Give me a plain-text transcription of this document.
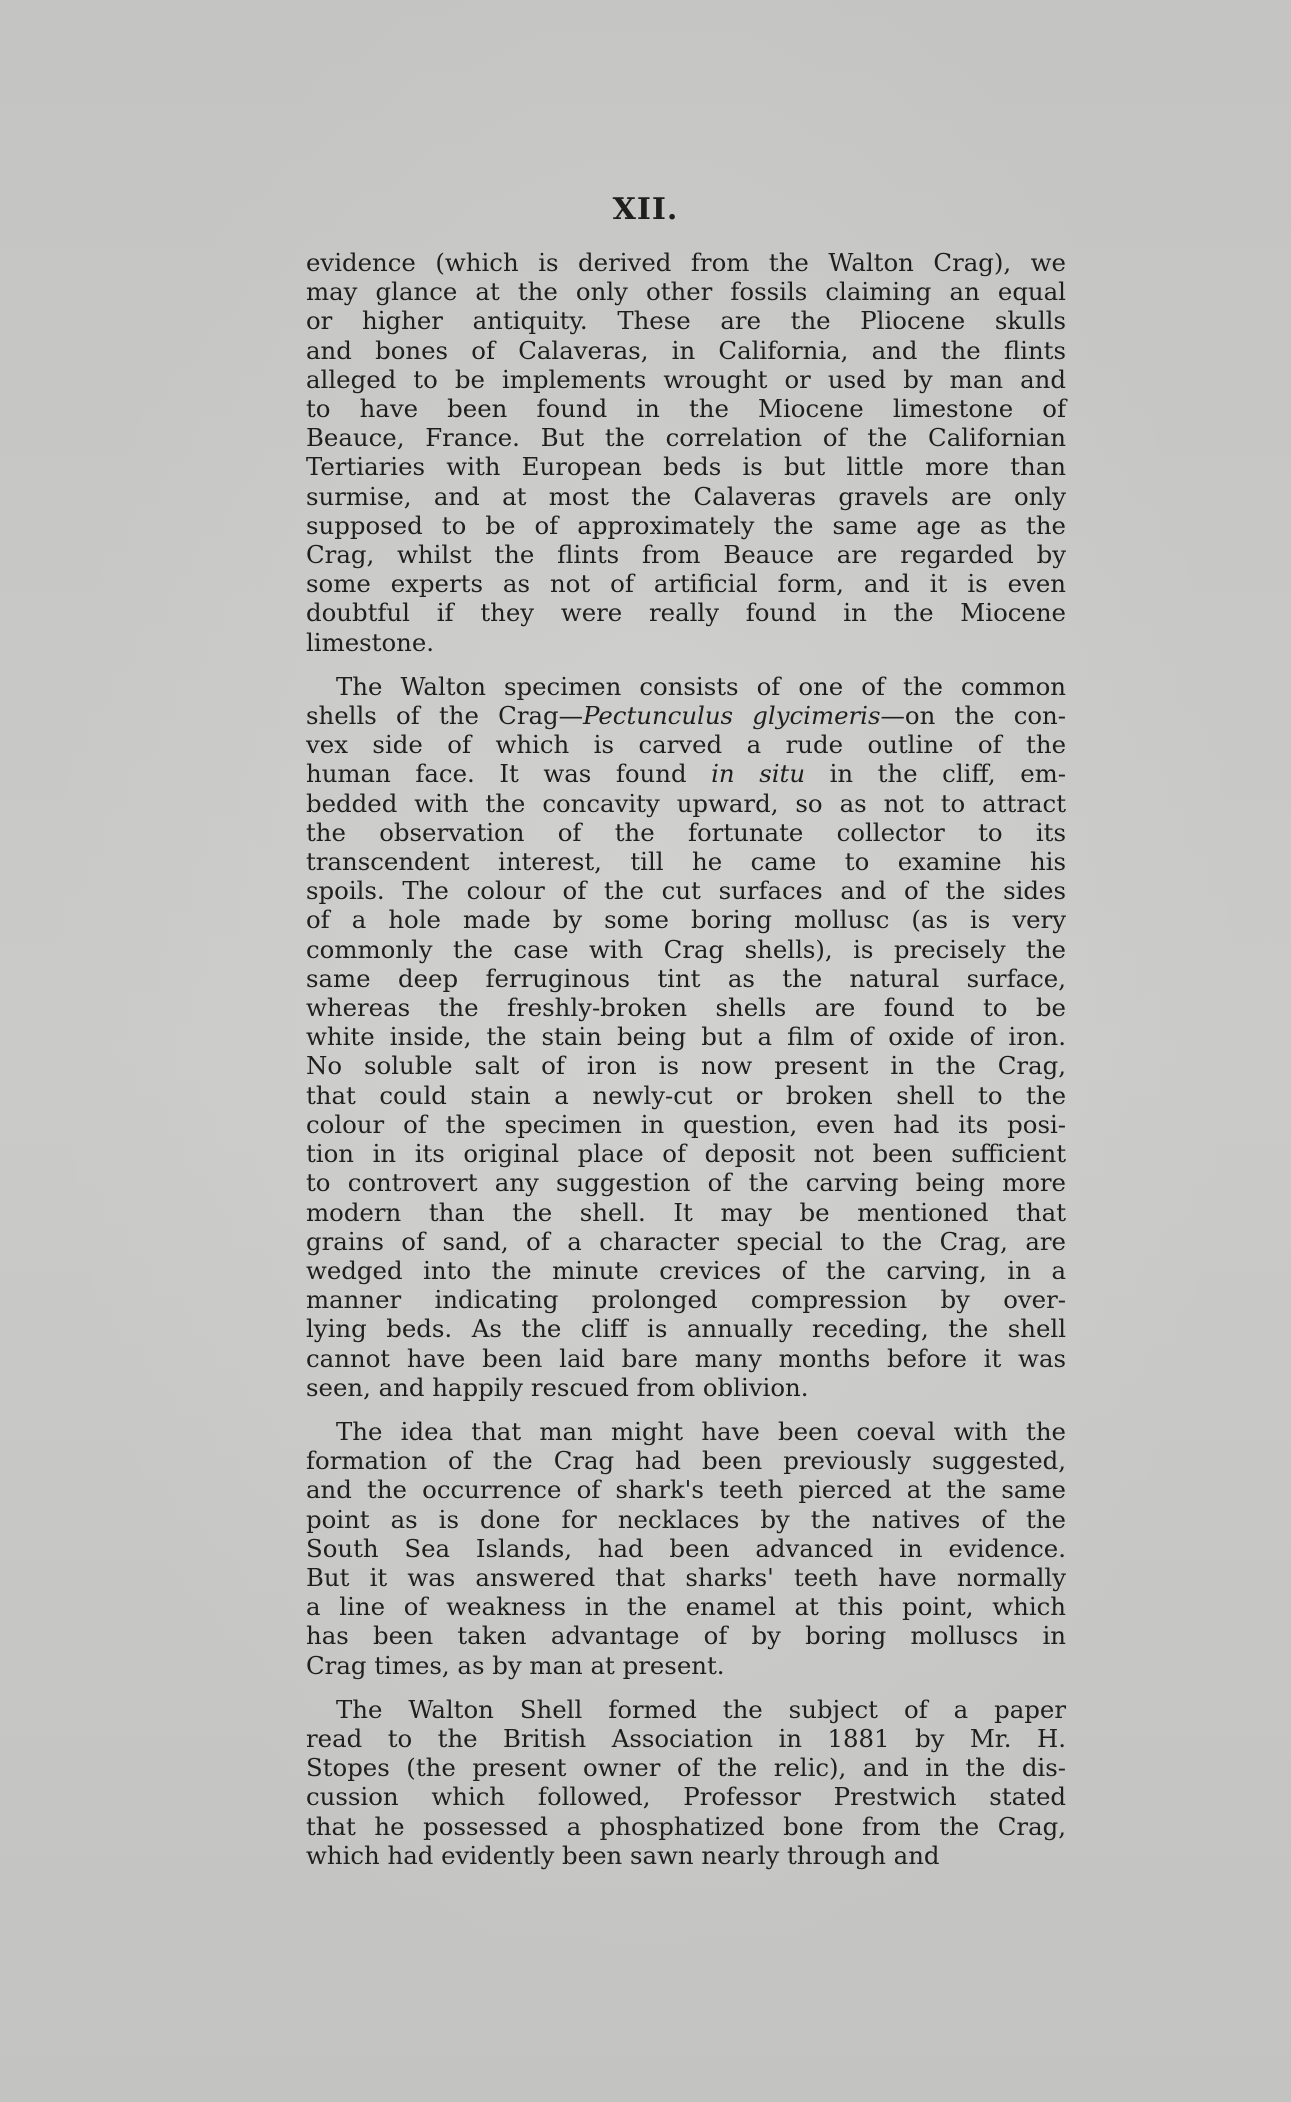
XII.

evidence (which is derived from the Walton Crag), we
may glance at the only other fossils claiming an equal
or higher antiquity. These are the Pliocene skulls
and bones of Calaveras, in California, and the flints
alleged to be implements wrought or used by man and
to have been found in the Miocene limestone of
Beauce, France. But the correlation of the Californian
Tertiaries with European beds is but little more than
surmise, and at most the Calaveras gravels are only
supposed to be of approximately the same age as the
Crag, whilst the flints from Beauce are regarded by
some experts as not of artificial form, and it is even
doubtful if they were really found in the Miocene
limestone.

The Walton specimen consists of one of the common
shells of the Crag—Pectunculus glycimeris—on the con-
vex side of which is carved a rude outline of the
human face. It was found in situ in the cliff, em-
bedded with the concavity upward, so as not to attract
the observation of the fortunate collector to its
transcendent interest, till he came to examine his
spoils. The colour of the cut surfaces and of the sides
of a hole made by some boring mollusc (as is very
commonly the case with Crag shells), is precisely the
same deep ferruginous tint as the natural surface,
whereas the freshly-broken shells are found to be
white inside, the stain being but a film of oxide of iron.
No soluble salt of iron is now present in the Crag,
that could stain a newly-cut or broken shell to the
colour of the specimen in question, even had its posi-
tion in its original place of deposit not been sufficient
to controvert any suggestion of the carving being more
modern than the shell. It may be mentioned that
grains of sand, of a character special to the Crag, are
wedged into the minute crevices of the carving, in a
manner indicating prolonged compression by over-
lying beds. As the cliff is annually receding, the shell
cannot have been laid bare many months before it was
seen, and happily rescued from oblivion.

The idea that man might have been coeval with the
formation of the Crag had been previously suggested,
and the occurrence of shark's teeth pierced at the same
point as is done for necklaces by the natives of the
South Sea Islands, had been advanced in evidence.
But it was answered that sharks' teeth have normally
a line of weakness in the enamel at this point, which
has been taken advantage of by boring molluscs in
Crag times, as by man at present.

The Walton Shell formed the subject of a paper
read to the British Association in 1881 by Mr. H.
Stopes (the present owner of the relic), and in the dis-
cussion which followed, Professor Prestwich stated
that he possessed a phosphatized bone from the Crag,
which had evidently been sawn nearly through and
